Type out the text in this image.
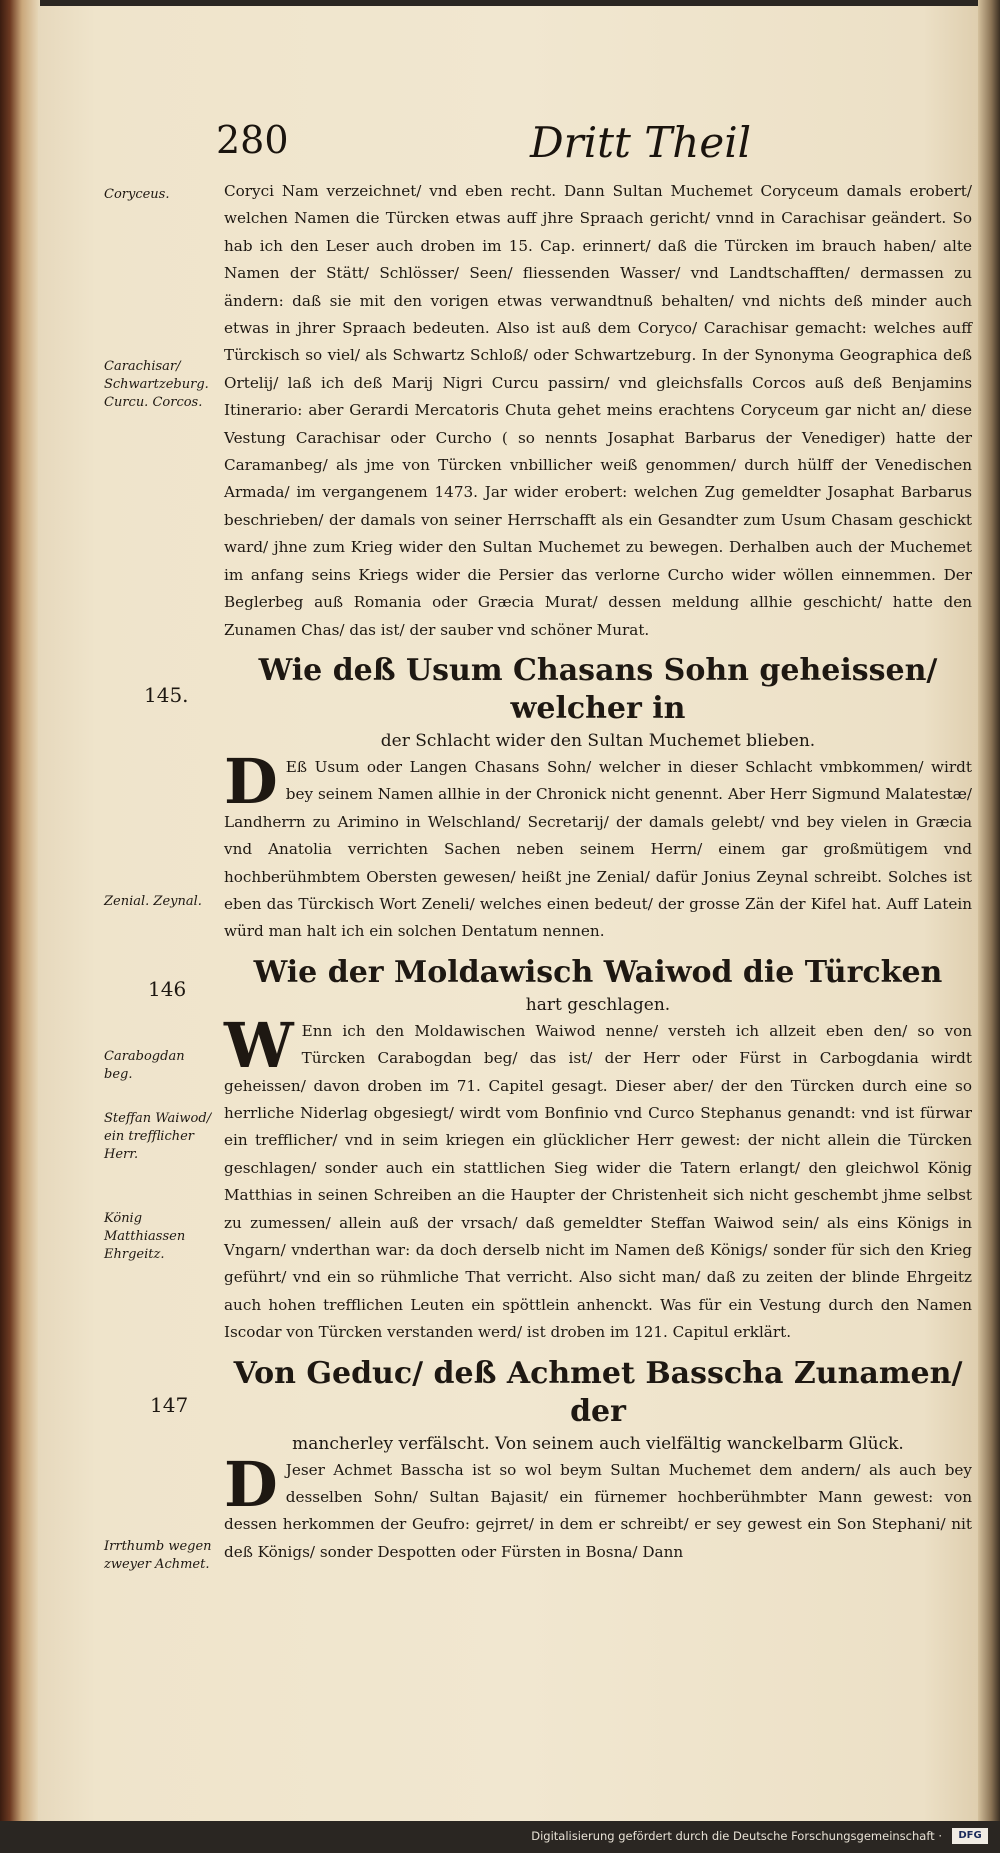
280	Dritt Theil
Coryceus.
Carachisar/ Schwartzeburg. Curcu. Corcos.
145.
Zenial. Zeynal.
146
Carabogdan beg.
Steffan Waiwod/ ein trefflicher Herr.
König Matthiassen Ehrgeitz.
147
Irrthumb wegen zweyer Achmet.

Coryci Nam verzeichnet/ vnd eben recht. Dann Sultan Muchemet Coryceum damals erobert/ welchen Namen die Türcken etwas auff jhre Spraach gericht/ vnnd in Carachisar geändert. So hab ich den Leser auch droben im 15. Cap. erinnert/ daß die Türcken im brauch haben/ alte Namen der Stätt/ Schlösser/ Seen/ fliessenden Wasser/ vnd Landtschafften/ dermassen zu ändern: daß sie mit den vorigen etwas verwandtnuß behalten/ vnd nichts deß minder auch etwas in jhrer Spraach bedeuten. Also ist auß dem Coryco/ Carachisar gemacht: welches auff Türckisch so viel/ als Schwartz Schloß/ oder Schwartzeburg. In der Synonyma Geographica deß Ortelij/ laß ich deß Marij Nigri Curcu passirn/ vnd gleichsfalls Corcos auß deß Benjamins Itinerario: aber Gerardi Mercatoris Chuta gehet meins erachtens Coryceum gar nicht an/ diese Vestung Carachisar oder Curcho ( so nennts Josaphat Barbarus der Venediger) hatte der Caramanbeg/ als jme von Türcken vnbillicher weiß genommen/ durch hülff der Venedischen Armada/ im vergangenem 1473. Jar wider erobert: welchen Zug gemeldter Josaphat Barbarus beschrieben/ der damals von seiner Herrschafft als ein Gesandter zum Usum Chasam geschickt ward/ jhne zum Krieg wider den Sultan Muchemet zu bewegen. Derhalben auch der Muchemet im anfang seins Kriegs wider die Persier das verlorne Curcho wider wöllen einnemmen. Der Beglerbeg auß Romania oder Græcia Murat/ dessen meldung allhie geschicht/ hatte den Zunamen Chas/ das ist/ der sauber vnd schöner Murat.

Wie deß Usum Chasans Sohn geheissen/ welcher in
der Schlacht wider den Sultan Muchemet blieben.

D Eß Usum oder Langen Chasans Sohn/ welcher in dieser Schlacht vmbkommen/ wirdt bey seinem Namen allhie in der Chronick nicht genennt. Aber Herr Sigmund Malatestæ/ Landherrn zu Arimino in Welschland/ Secretarij/ der damals gelebt/ vnd bey vielen in Græcia vnd Anatolia verrichten Sachen neben seinem Herrn/ einem gar großmütigem vnd hochberühmbtem Obersten gewesen/ heißt jne Zenial/ dafür Jonius Zeynal schreibt. Solches ist eben das Türckisch Wort Zeneli/ welches einen bedeut/ der grosse Zän der Kifel hat. Auff Latein würd man halt ich ein solchen Dentatum nennen.

Wie der Moldawisch Waiwod die Türcken
hart geschlagen.

W Enn ich den Moldawischen Waiwod nenne/ versteh ich allzeit eben den/ so von Türcken Carabogdan beg/ das ist/ der Herr oder Fürst in Carbogdania wirdt geheissen/ davon droben im 71. Capitel gesagt. Dieser aber/ der den Türcken durch eine so herrliche Niderlag obgesiegt/ wirdt vom Bonfinio vnd Curco Stephanus genandt: vnd ist fürwar ein trefflicher/ vnd in seim kriegen ein glücklicher Herr gewest: der nicht allein die Türcken geschlagen/ sonder auch ein stattlichen Sieg wider die Tatern erlangt/ den gleichwol König Matthias in seinen Schreiben an die Haupter der Christenheit sich nicht geschembt jhme selbst zu zumessen/ allein auß der vrsach/ daß gemeldter Steffan Waiwod sein/ als eins Königs in Vngarn/ vnderthan war: da doch derselb nicht im Namen deß Königs/ sonder für sich den Krieg geführt/ vnd ein so rühmliche That verricht. Also sicht man/ daß zu zeiten der blinde Ehrgeitz auch hohen trefflichen Leuten ein spöttlein anhenckt. Was für ein Vestung durch den Namen Iscodar von Türcken verstanden werd/ ist droben im 121. Capitul erklärt.

Von Geduc/ deß Achmet Basscha Zunamen/ der
mancherley verfälscht. Von seinem auch vielfältig wanckelbarm Glück.

D Jeser Achmet Basscha ist so wol beym Sultan Muchemet dem andern/ als auch bey desselben Sohn/ Sultan Bajasit/ ein fürnemer hochberühmbter Mann gewest: von dessen herkommen der Geufro: gejrret/ in dem er schreibt/ er sey gewest ein Son Stephani/ nit deß Königs/ sonder Despotten oder Fürsten in Bosna/ Dann

Digitalisierung gefördert durch die Deutsche Forschungsgemeinschaft ·	DFG
